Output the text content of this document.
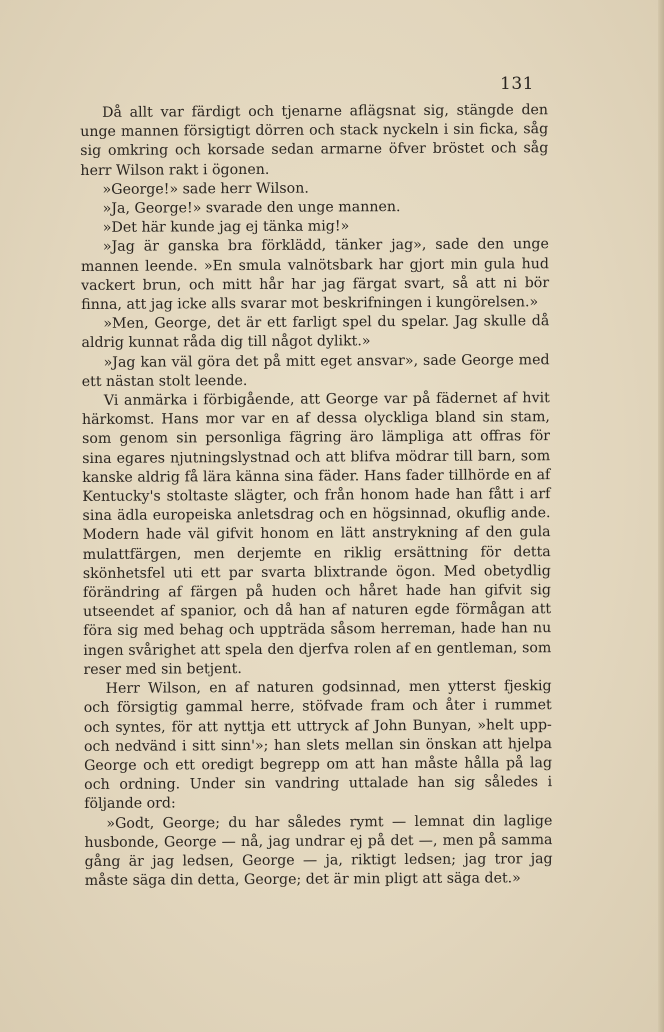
131

Då allt var färdigt och tjenarne aflägsnat sig, stängde den unge mannen försigtigt dörren och stack nyckeln i sin ficka, såg sig omkring och korsade sedan armarne öfver bröstet och såg herr Wilson rakt i ögonen.

»George!» sade herr Wilson.

»Ja, George!» svarade den unge mannen.

»Det här kunde jag ej tänka mig!»

»Jag är ganska bra förklädd, tänker jag», sade den unge mannen leende. »En smula valnötsbark har gjort min gula hud vackert brun, och mitt hår har jag färgat svart, så att ni bör finna, att jag icke alls svarar mot beskrifningen i kungörelsen.»

»Men, George, det är ett farligt spel du spelar. Jag skulle då aldrig kunnat råda dig till något dylikt.»

»Jag kan väl göra det på mitt eget ansvar», sade George med ett nästan stolt leende.

Vi anmärka i förbigående, att George var på fädernet af hvit härkomst. Hans mor var en af dessa olyckliga bland sin stam, som genom sin personliga fägring äro lämpliga att offras för sina egares njutningslystnad och att blifva mödrar till barn, som kanske aldrig få lära känna sina fäder. Hans fader tillhörde en af Kentucky's stoltaste slägter, och från honom hade han fått i arf sina ädla europeiska anletsdrag och en högsinnad, okuflig ande. Modern hade väl gifvit honom en lätt anstrykning af den gula mulattfärgen, men derjemte en riklig ersättning för detta skönhetsfel uti ett par svarta blixtrande ögon. Med obetydlig förändring af färgen på huden och håret hade han gifvit sig utseendet af spanior, och då han af naturen egde förmågan att föra sig med behag och uppträda såsom herreman, hade han nu ingen svårighet att spela den djerfva rolen af en gentleman, som reser med sin betjent.

Herr Wilson, en af naturen godsinnad, men ytterst fjeskig och försigtig gammal herre, stöfvade fram och åter i rummet och syntes, för att nyttja ett uttryck af John Bunyan, »helt upp- och nedvänd i sitt sinn'»; han slets mellan sin önskan att hjelpa George och ett oredigt begrepp om att han måste hålla på lag och ordning. Under sin vandring uttalade han sig således i följande ord:

»Godt, George; du har således rymt — lemnat din laglige husbonde, George — nå, jag undrar ej på det —, men på samma gång är jag ledsen, George — ja, riktigt ledsen; jag tror jag måste säga din detta, George; det är min pligt att säga det.»
